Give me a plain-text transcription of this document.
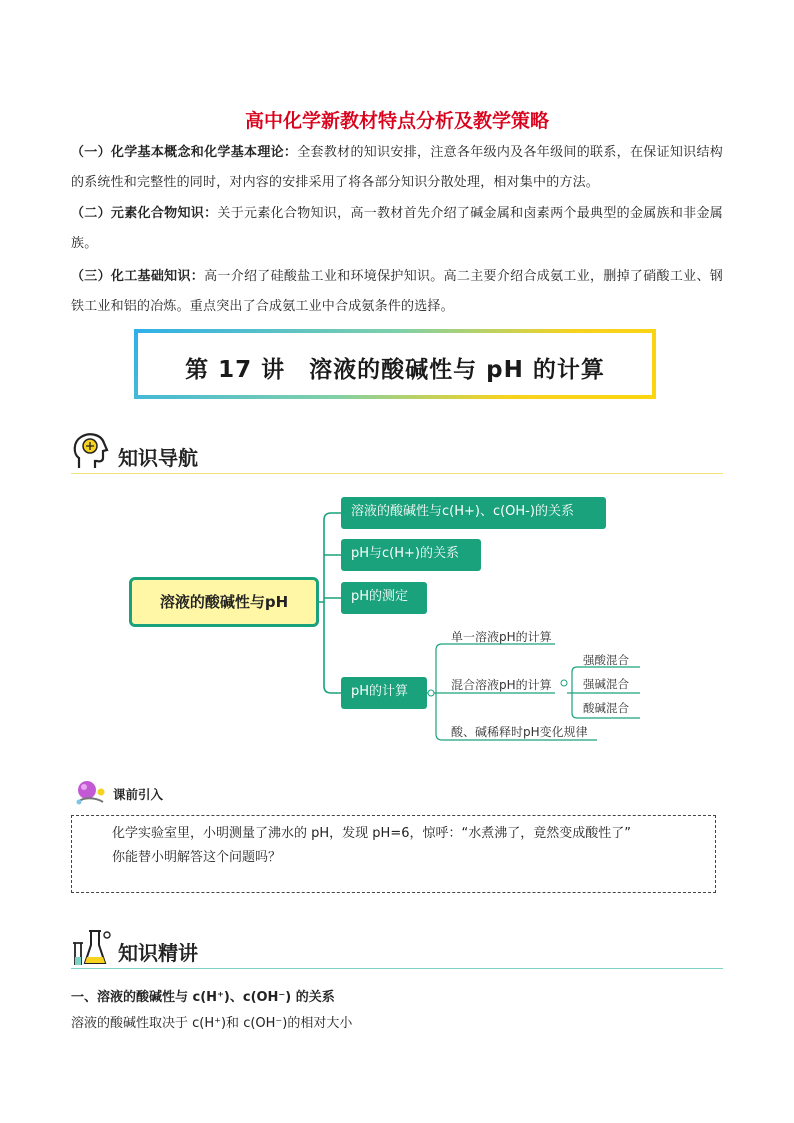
高中化学新教材特点分析及教学策略
（一）化学基本概念和化学基本理论：全套教材的知识安排，注意各年级内及各年级间的联系，在保证知识结构的系统性和完整性的同时，对内容的安排采用了将各部分知识分散处理，相对集中的方法。
（二）元素化合物知识：关于元素化合物知识，高一教材首先介绍了碱金属和卤素两个最典型的金属族和非金属族。
（三）化工基础知识：高一介绍了硅酸盐工业和环境保护知识。高二主要介绍合成氨工业，删掉了硝酸工业、钢铁工业和铝的冶炼。重点突出了合成氨工业中合成氨条件的选择。
第 17 讲　溶液的酸碱性与 pH 的计算
知识导航
溶液的酸碱性与pH
溶液的酸碱性与c(H+)、c(OH-)的关系
pH与c(H+)的关系
pH的测定
pH的计算
单一溶液pH的计算
混合溶液pH的计算
酸、碱稀释时pH变化规律
强酸混合
强碱混合
酸碱混合
课前引入
化学实验室里，小明测量了沸水的 pH，发现 pH=6，惊呼：“水煮沸了，竟然变成酸性了”
你能替小明解答这个问题吗？
知识精讲
一、溶液的酸碱性与 c(H⁺)、c(OH⁻) 的关系
溶液的酸碱性取决于 c(H⁺)和 c(OH⁻)的相对大小
